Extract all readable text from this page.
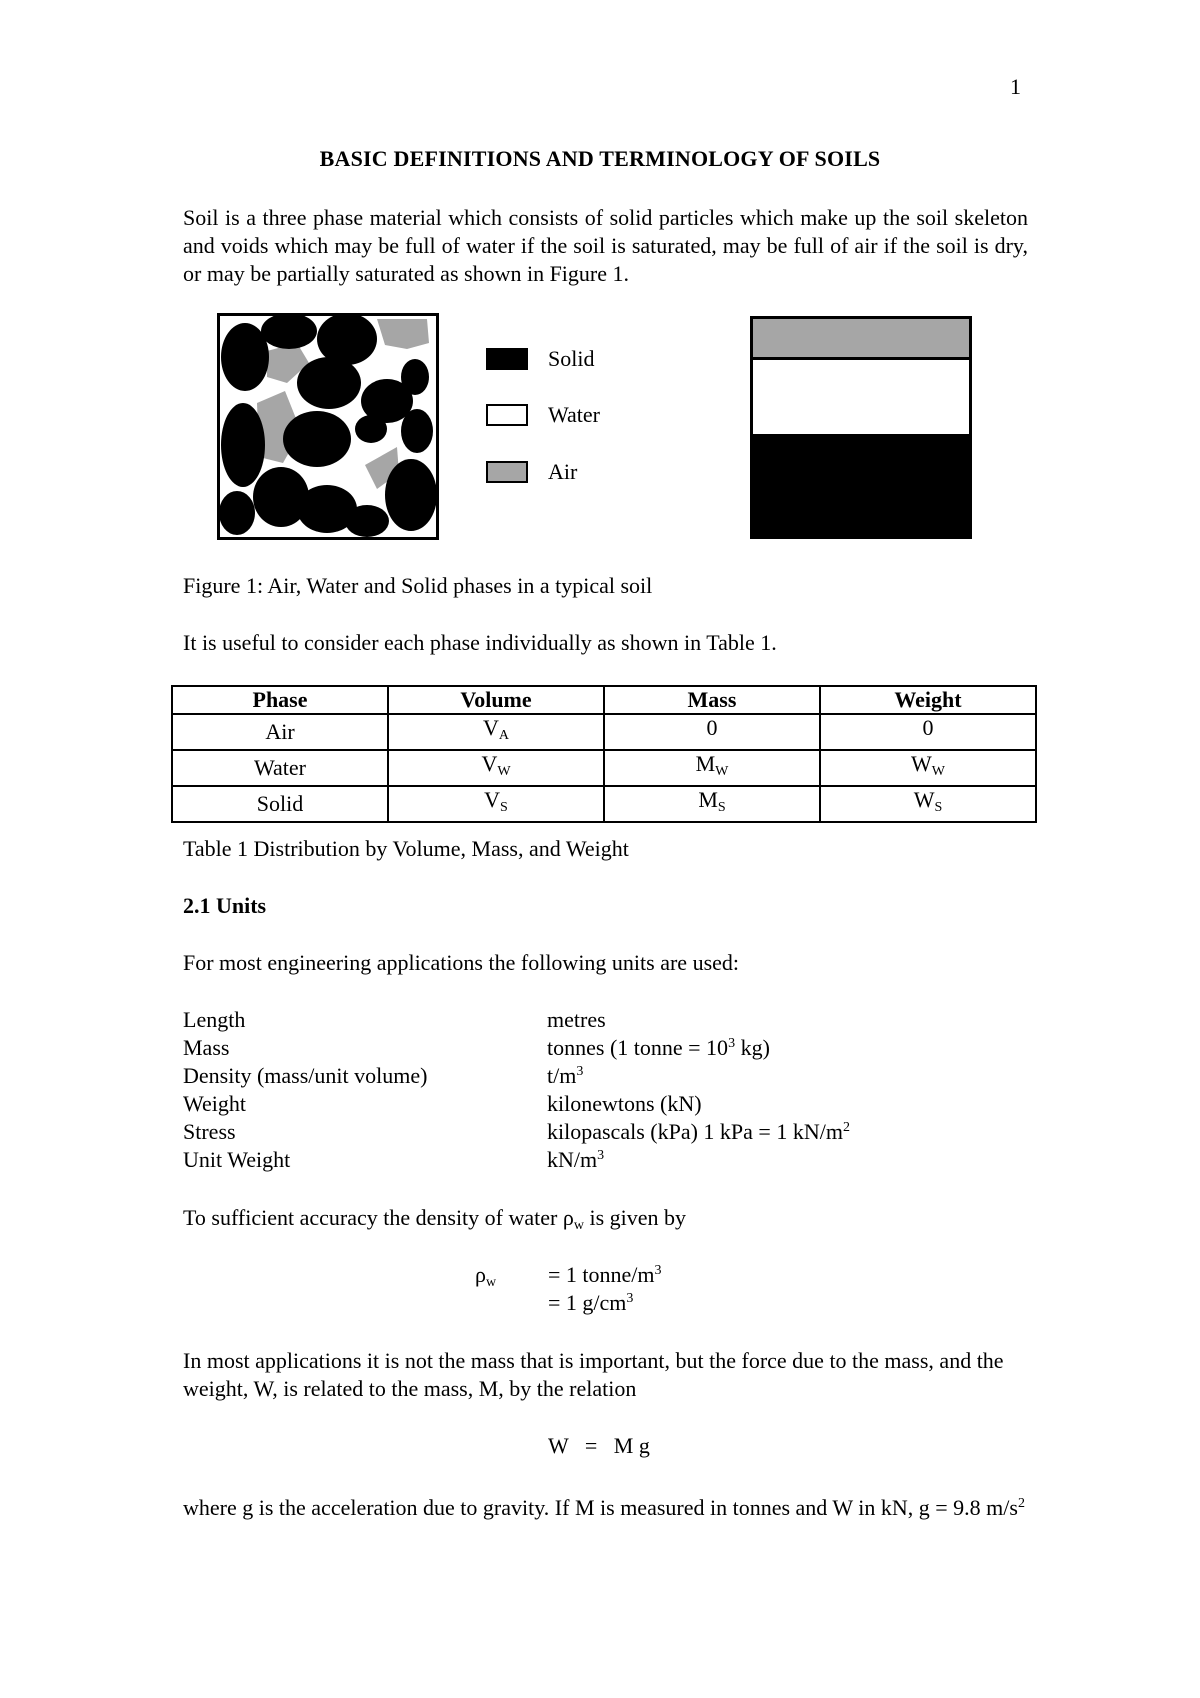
1
BASIC DEFINITIONS AND TERMINOLOGY OF SOILS
Soil is a three phase material which consists of solid particles which make up the soil skeleton and voids which may be full of water if the soil is saturated, may be full of air if the soil is dry, or may be partially saturated as shown in Figure 1.
Solid
Water
Air
Figure 1: Air, Water and Solid phases in a typical soil
It is useful to consider each phase individually as shown in Table 1.
Phase	Volume	Mass	Weight
Air	$V_A$	0	0
Water	$V_W$	$M_W$	$W_W$
Solid	$V_S$	$M_S$	$W_S$
Table 1 Distribution by Volume, Mass, and Weight
2.1 Units
For most engineering applications the following units are used:
Length	metres
Mass	tonnes (1 tonne = $10^3$ kg)
Density (mass/unit volume)	$t/m^3$
Weight	kilonewtons (kN)
Stress	kilopascals (kPa) 1 kPa = 1 $kN/m^2$
Unit Weight	$kN/m^3$
To sufficient accuracy the density of water $\rho_w$ is given by
$\rho_w = 1$ tonne/$m^3$
= 1 $g/cm^3$
In most applications it is not the mass that is important, but the force due to the mass, and the weight, W, is related to the mass, M, by the relation
W   =   M g
where g is the acceleration due to gravity. If M is measured in tonnes and W in kN, g = 9.8 $m/s^2$
